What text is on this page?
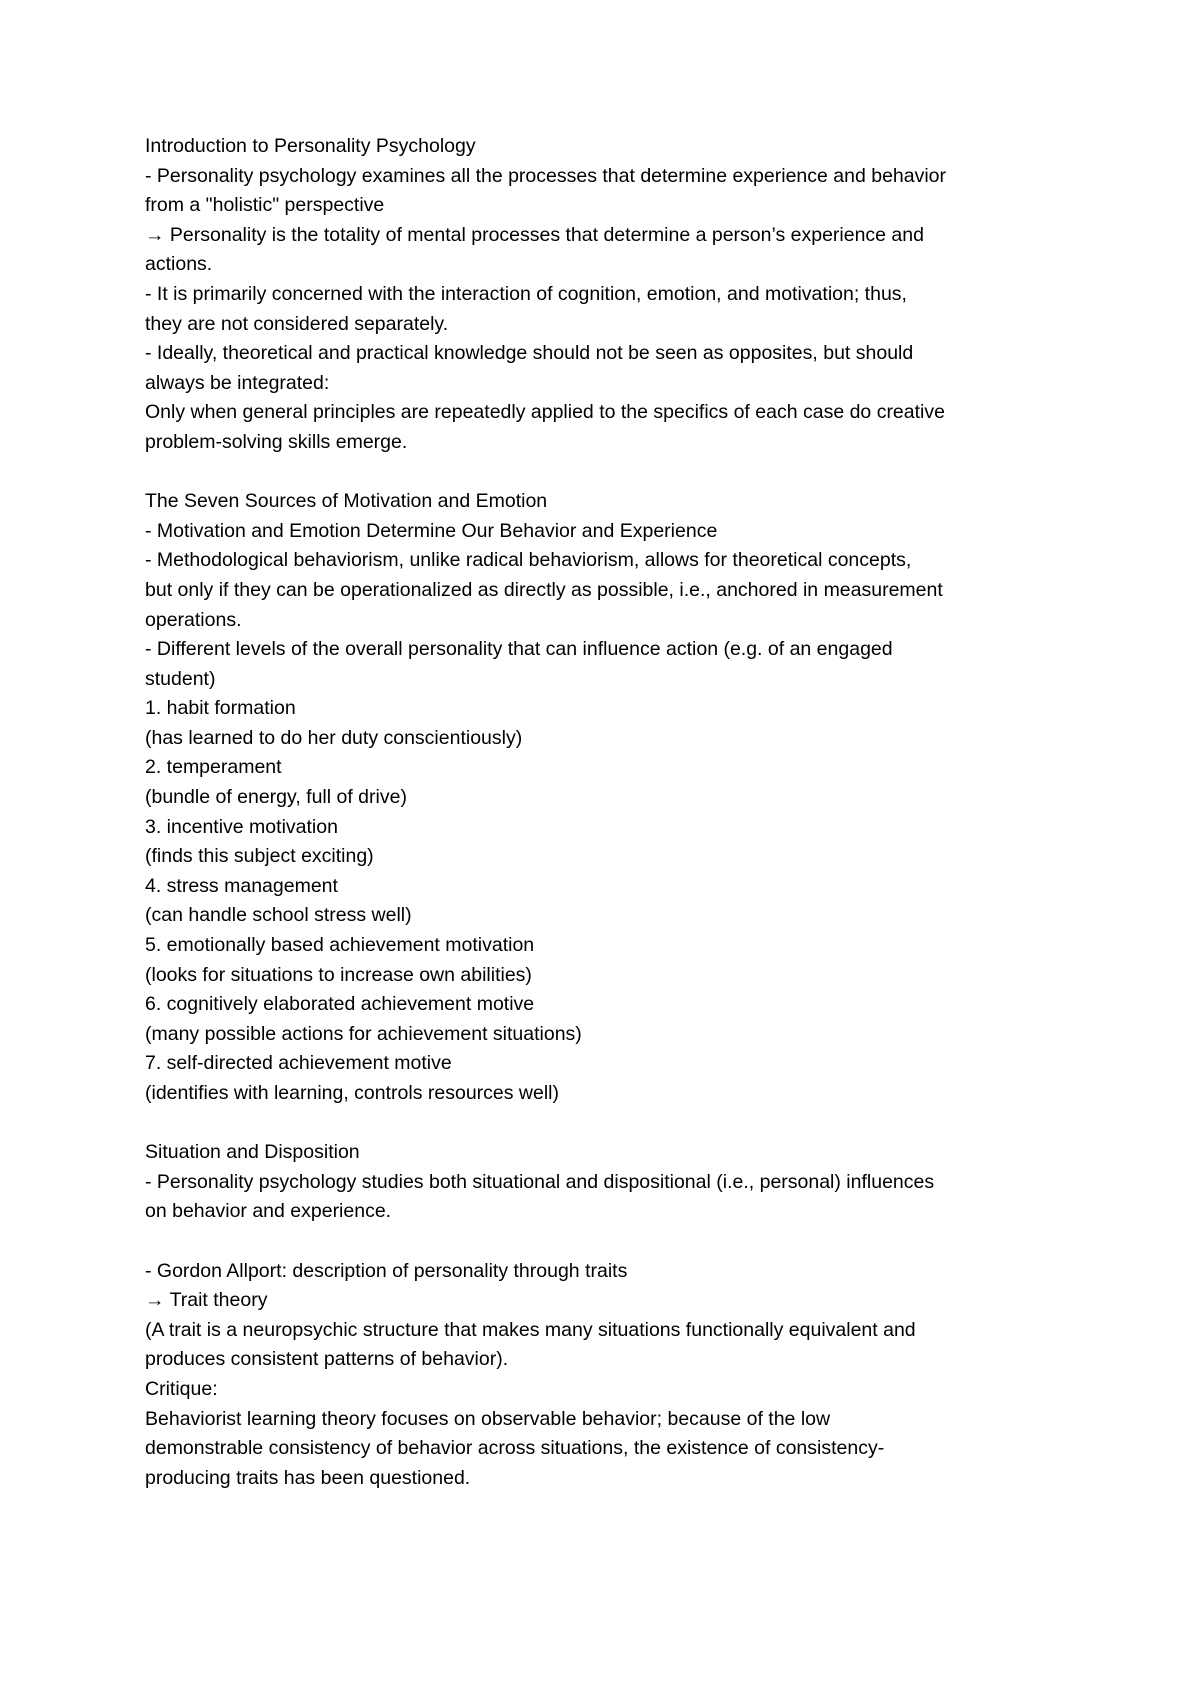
Introduction to Personality Psychology
- Personality psychology examines all the processes that determine experience and behavior
from a "holistic" perspective
→ Personality is the totality of mental processes that determine a person’s experience and
actions.
- It is primarily concerned with the interaction of cognition, emotion, and motivation; thus,
they are not considered separately.
- Ideally, theoretical and practical knowledge should not be seen as opposites, but should
always be integrated:
Only when general principles are repeatedly applied to the specifics of each case do creative
problem-solving skills emerge.
The Seven Sources of Motivation and Emotion
- Motivation and Emotion Determine Our Behavior and Experience
- Methodological behaviorism, unlike radical behaviorism, allows for theoretical concepts,
but only if they can be operationalized as directly as possible, i.e., anchored in measurement
operations.
- Different levels of the overall personality that can influence action (e.g. of an engaged
student)
1. habit formation
(has learned to do her duty conscientiously)
2. temperament
(bundle of energy, full of drive)
3. incentive motivation
(finds this subject exciting)
4. stress management
(can handle school stress well)
5. emotionally based achievement motivation
(looks for situations to increase own abilities)
6. cognitively elaborated achievement motive
(many possible actions for achievement situations)
7. self-directed achievement motive
(identifies with learning, controls resources well)
Situation and Disposition
- Personality psychology studies both situational and dispositional (i.e., personal) influences
on behavior and experience.
- Gordon Allport: description of personality through traits
→ Trait theory
(A trait is a neuropsychic structure that makes many situations functionally equivalent and
produces consistent patterns of behavior).
Critique:
Behaviorist learning theory focuses on observable behavior; because of the low
demonstrable consistency of behavior across situations, the existence of consistency-
producing traits has been questioned.
